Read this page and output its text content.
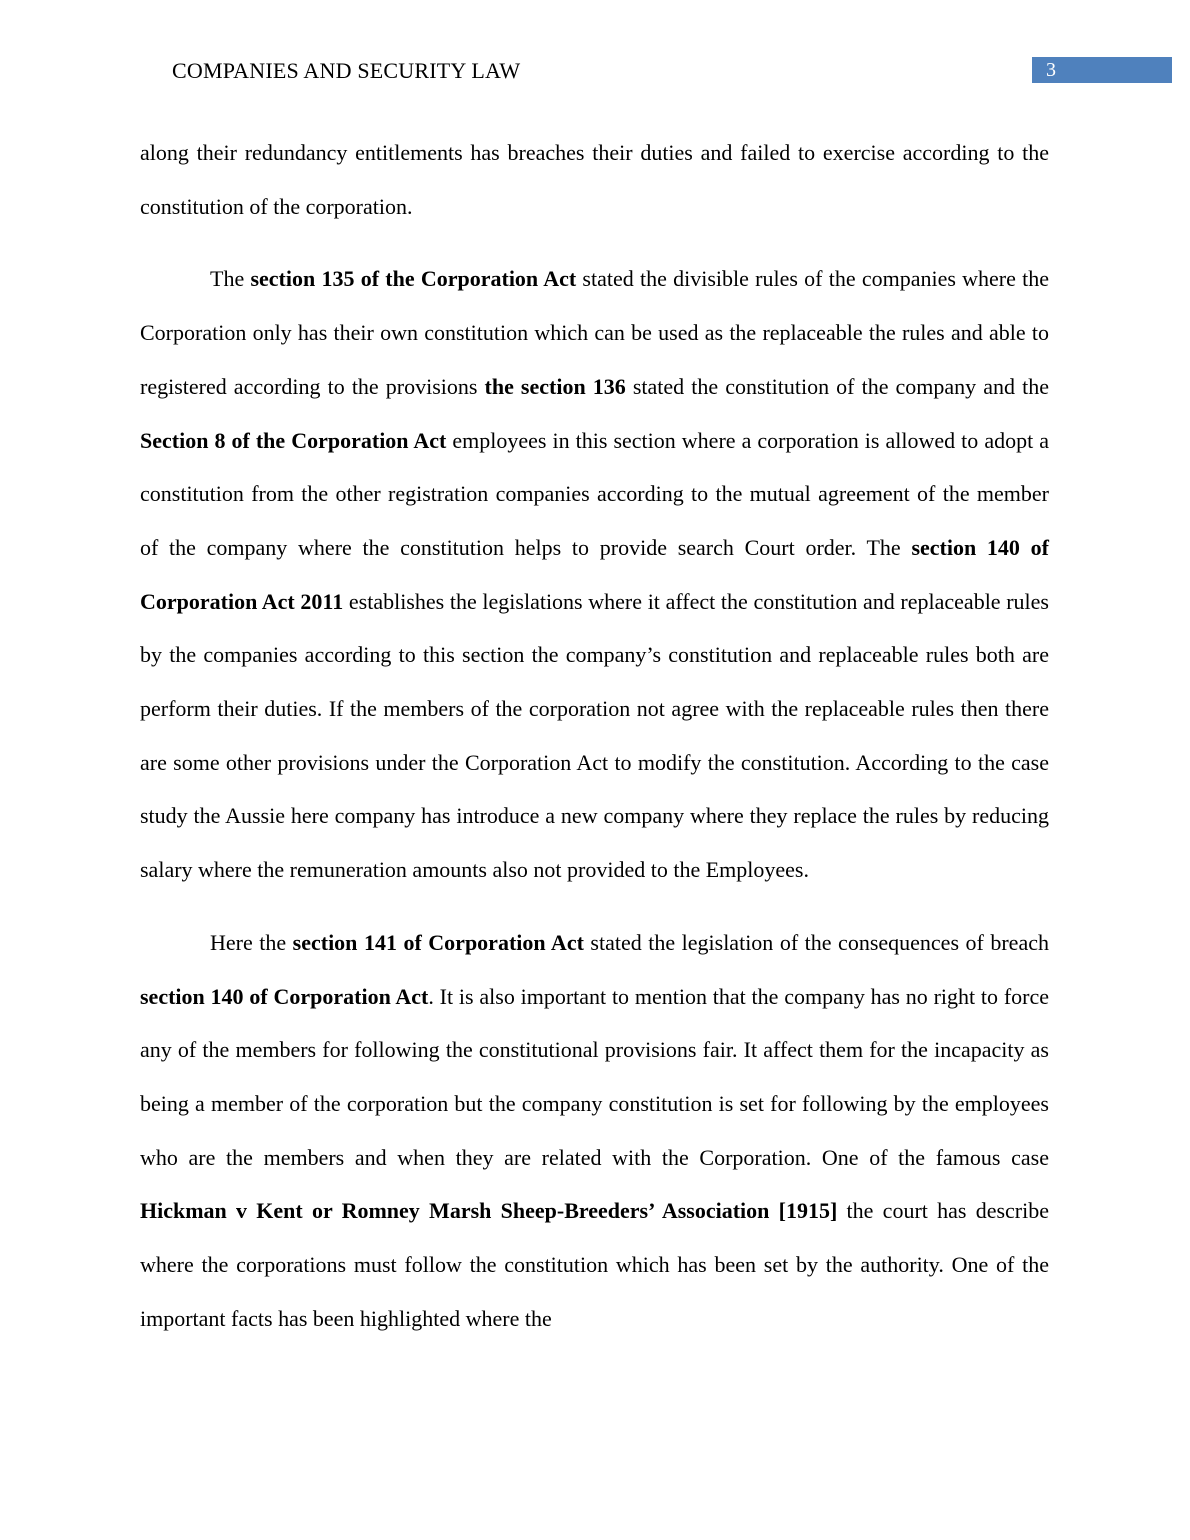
COMPANIES AND SECURITY LAW	3

along their redundancy entitlements has breaches their duties and failed to exercise according to the constitution of the corporation.

The section 135 of the Corporation Act stated the divisible rules of the companies where the Corporation only has their own constitution which can be used as the replaceable the rules and able to registered according to the provisions the section 136 stated the constitution of the company and the Section 8 of the Corporation Act employees in this section where a corporation is allowed to adopt a constitution from the other registration companies according to the mutual agreement of the member of the company where the constitution helps to provide search Court order. The section 140 of Corporation Act 2011 establishes the legislations where it affect the constitution and replaceable rules by the companies according to this section the company’s constitution and replaceable rules both are perform their duties. If the members of the corporation not agree with the replaceable rules then there are some other provisions under the Corporation Act to modify the constitution. According to the case study the Aussie here company has introduce a new company where they replace the rules by reducing salary where the remuneration amounts also not provided to the Employees.

Here the section 141 of Corporation Act stated the legislation of the consequences of breach section 140 of Corporation Act. It is also important to mention that the company has no right to force any of the members for following the constitutional provisions fair. It affect them for the incapacity as being a member of the corporation but the company constitution is set for following by the employees who are the members and when they are related with the Corporation. One of the famous case Hickman v Kent or Romney Marsh Sheep-Breeders’ Association [1915] the court has describe where the corporations must follow the constitution which has been set by the authority. One of the important facts has been highlighted where the
